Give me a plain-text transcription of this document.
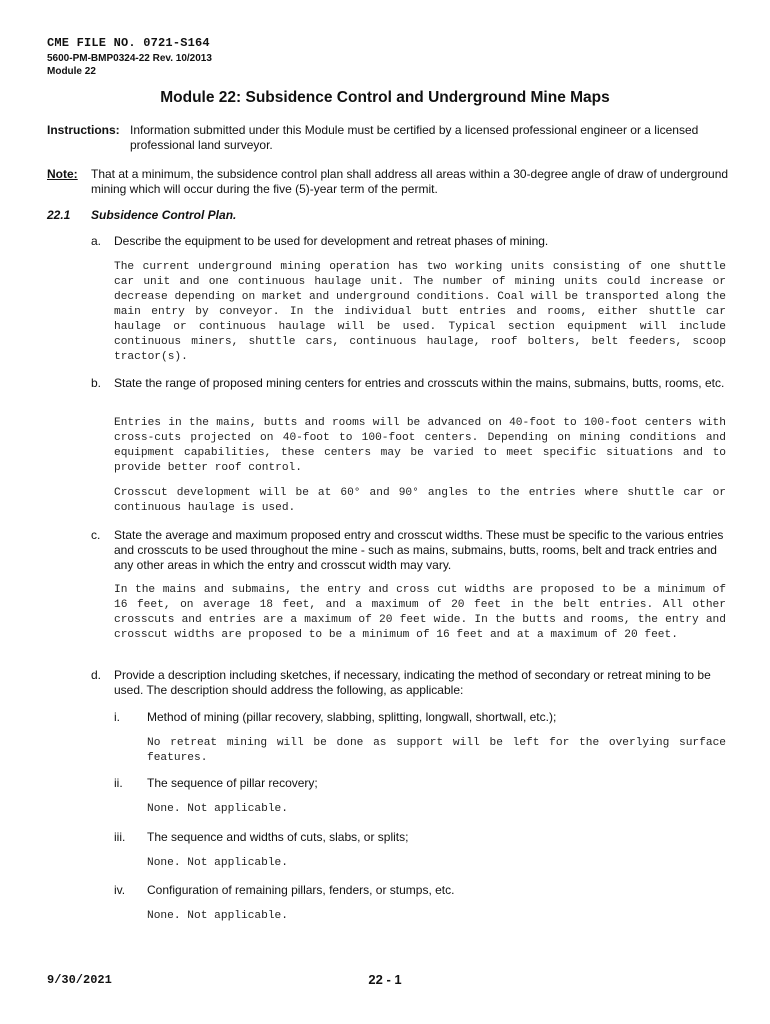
CME FILE NO. 0721-S164
5600-PM-BMP0324-22 Rev. 10/2013
Module 22
Module 22: Subsidence Control and Underground Mine Maps
Instructions: Information submitted under this Module must be certified by a licensed professional engineer or a licensed professional land surveyor.
Note: That at a minimum, the subsidence control plan shall address all areas within a 30-degree angle of draw of underground mining which will occur during the five (5)-year term of the permit.
22.1 Subsidence Control Plan.
a. Describe the equipment to be used for development and retreat phases of mining.
The current underground mining operation has two working units consisting of one shuttle car unit and one continuous haulage unit. The number of mining units could increase or decrease depending on market and underground conditions. Coal will be transported along the main entry by conveyor. In the individual butt entries and rooms, either shuttle car haulage or continuous haulage will be used. Typical section equipment will include continuous miners, shuttle cars, continuous haulage, roof bolters, belt feeders, scoop tractor(s).
b. State the range of proposed mining centers for entries and crosscuts within the mains, submains, butts, rooms, etc.
Entries in the mains, butts and rooms will be advanced on 40-foot to 100-foot centers with cross-cuts projected on 40-foot to 100-foot centers. Depending on mining conditions and equipment capabilities, these centers may be varied to meet specific situations and to provide better roof control.
Crosscut development will be at 60° and 90° angles to the entries where shuttle car or continuous haulage is used.
c. State the average and maximum proposed entry and crosscut widths. These must be specific to the various entries and crosscuts to be used throughout the mine - such as mains, submains, butts, rooms, belt and track entries and any other areas in which the entry and crosscut width may vary.
In the mains and submains, the entry and cross cut widths are proposed to be a minimum of 16 feet, on average 18 feet, and a maximum of 20 feet in the belt entries. All other crosscuts and entries are a maximum of 20 feet wide. In the butts and rooms, the entry and crosscut widths are proposed to be a minimum of 16 feet and at a maximum of 20 feet.
d. Provide a description including sketches, if necessary, indicating the method of secondary or retreat mining to be used. The description should address the following, as applicable:
i. Method of mining (pillar recovery, slabbing, splitting, longwall, shortwall, etc.);
No retreat mining will be done as support will be left for the overlying surface features.
ii. The sequence of pillar recovery;
None. Not applicable.
iii. The sequence and widths of cuts, slabs, or splits;
None. Not applicable.
iv. Configuration of remaining pillars, fenders, or stumps, etc.
None. Not applicable.
9/30/2021	22 - 1
